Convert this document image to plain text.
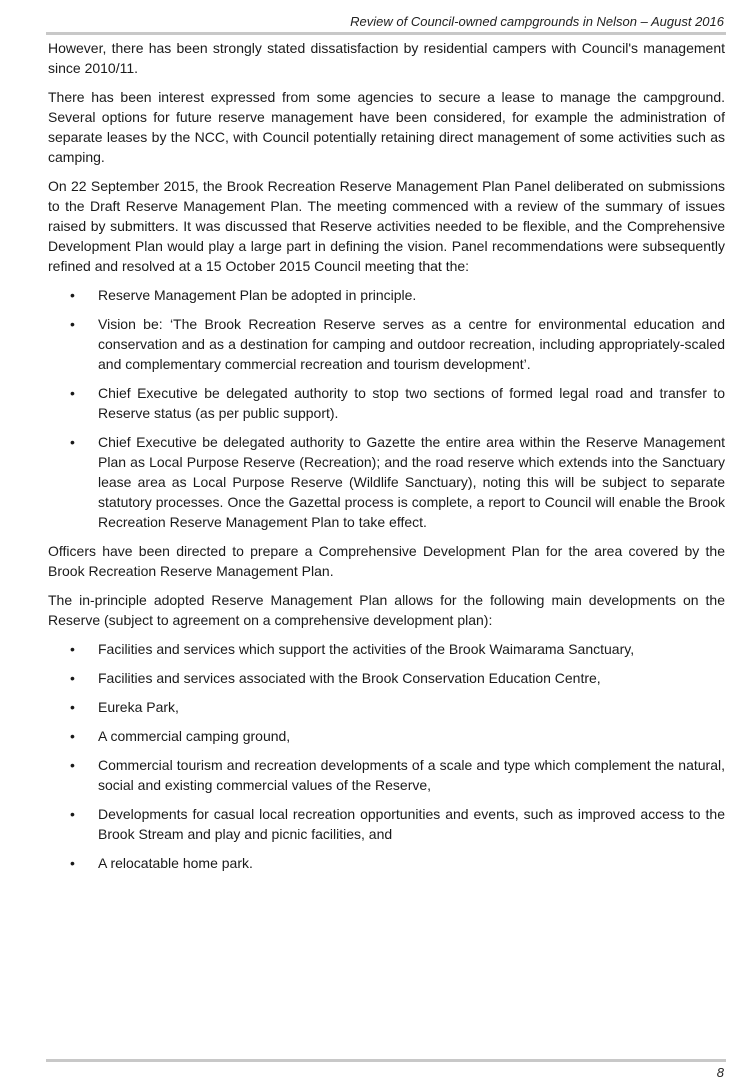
Review of Council-owned campgrounds in Nelson – August 2016

However, there has been strongly stated dissatisfaction by residential campers with Council's management since 2010/11.

There has been interest expressed from some agencies to secure a lease to manage the campground. Several options for future reserve management have been considered, for example the administration of separate leases by the NCC, with Council potentially retaining direct management of some activities such as camping.

On 22 September 2015, the Brook Recreation Reserve Management Plan Panel deliberated on submissions to the Draft Reserve Management Plan. The meeting commenced with a review of the summary of issues raised by submitters. It was discussed that Reserve activities needed to be flexible, and the Comprehensive Development Plan would play a large part in defining the vision. Panel recommendations were subsequently refined and resolved at a 15 October 2015 Council meeting that the:

• Reserve Management Plan be adopted in principle.
• Vision be: ‘The Brook Recreation Reserve serves as a centre for environmental education and conservation and as a destination for camping and outdoor recreation, including appropriately-scaled and complementary commercial recreation and tourism development’.
• Chief Executive be delegated authority to stop two sections of formed legal road and transfer to Reserve status (as per public support).
• Chief Executive be delegated authority to Gazette the entire area within the Reserve Management Plan as Local Purpose Reserve (Recreation); and the road reserve which extends into the Sanctuary lease area as Local Purpose Reserve (Wildlife Sanctuary), noting this will be subject to separate statutory processes. Once the Gazettal process is complete, a report to Council will enable the Brook Recreation Reserve Management Plan to take effect.

Officers have been directed to prepare a Comprehensive Development Plan for the area covered by the Brook Recreation Reserve Management Plan.

The in-principle adopted Reserve Management Plan allows for the following main developments on the Reserve (subject to agreement on a comprehensive development plan):

• Facilities and services which support the activities of the Brook Waimarama Sanctuary,
• Facilities and services associated with the Brook Conservation Education Centre,
• Eureka Park,
• A commercial camping ground,
• Commercial tourism and recreation developments of a scale and type which complement the natural, social and existing commercial values of the Reserve,
• Developments for casual local recreation opportunities and events, such as improved access to the Brook Stream and play and picnic facilities, and
• A relocatable home park.
8
